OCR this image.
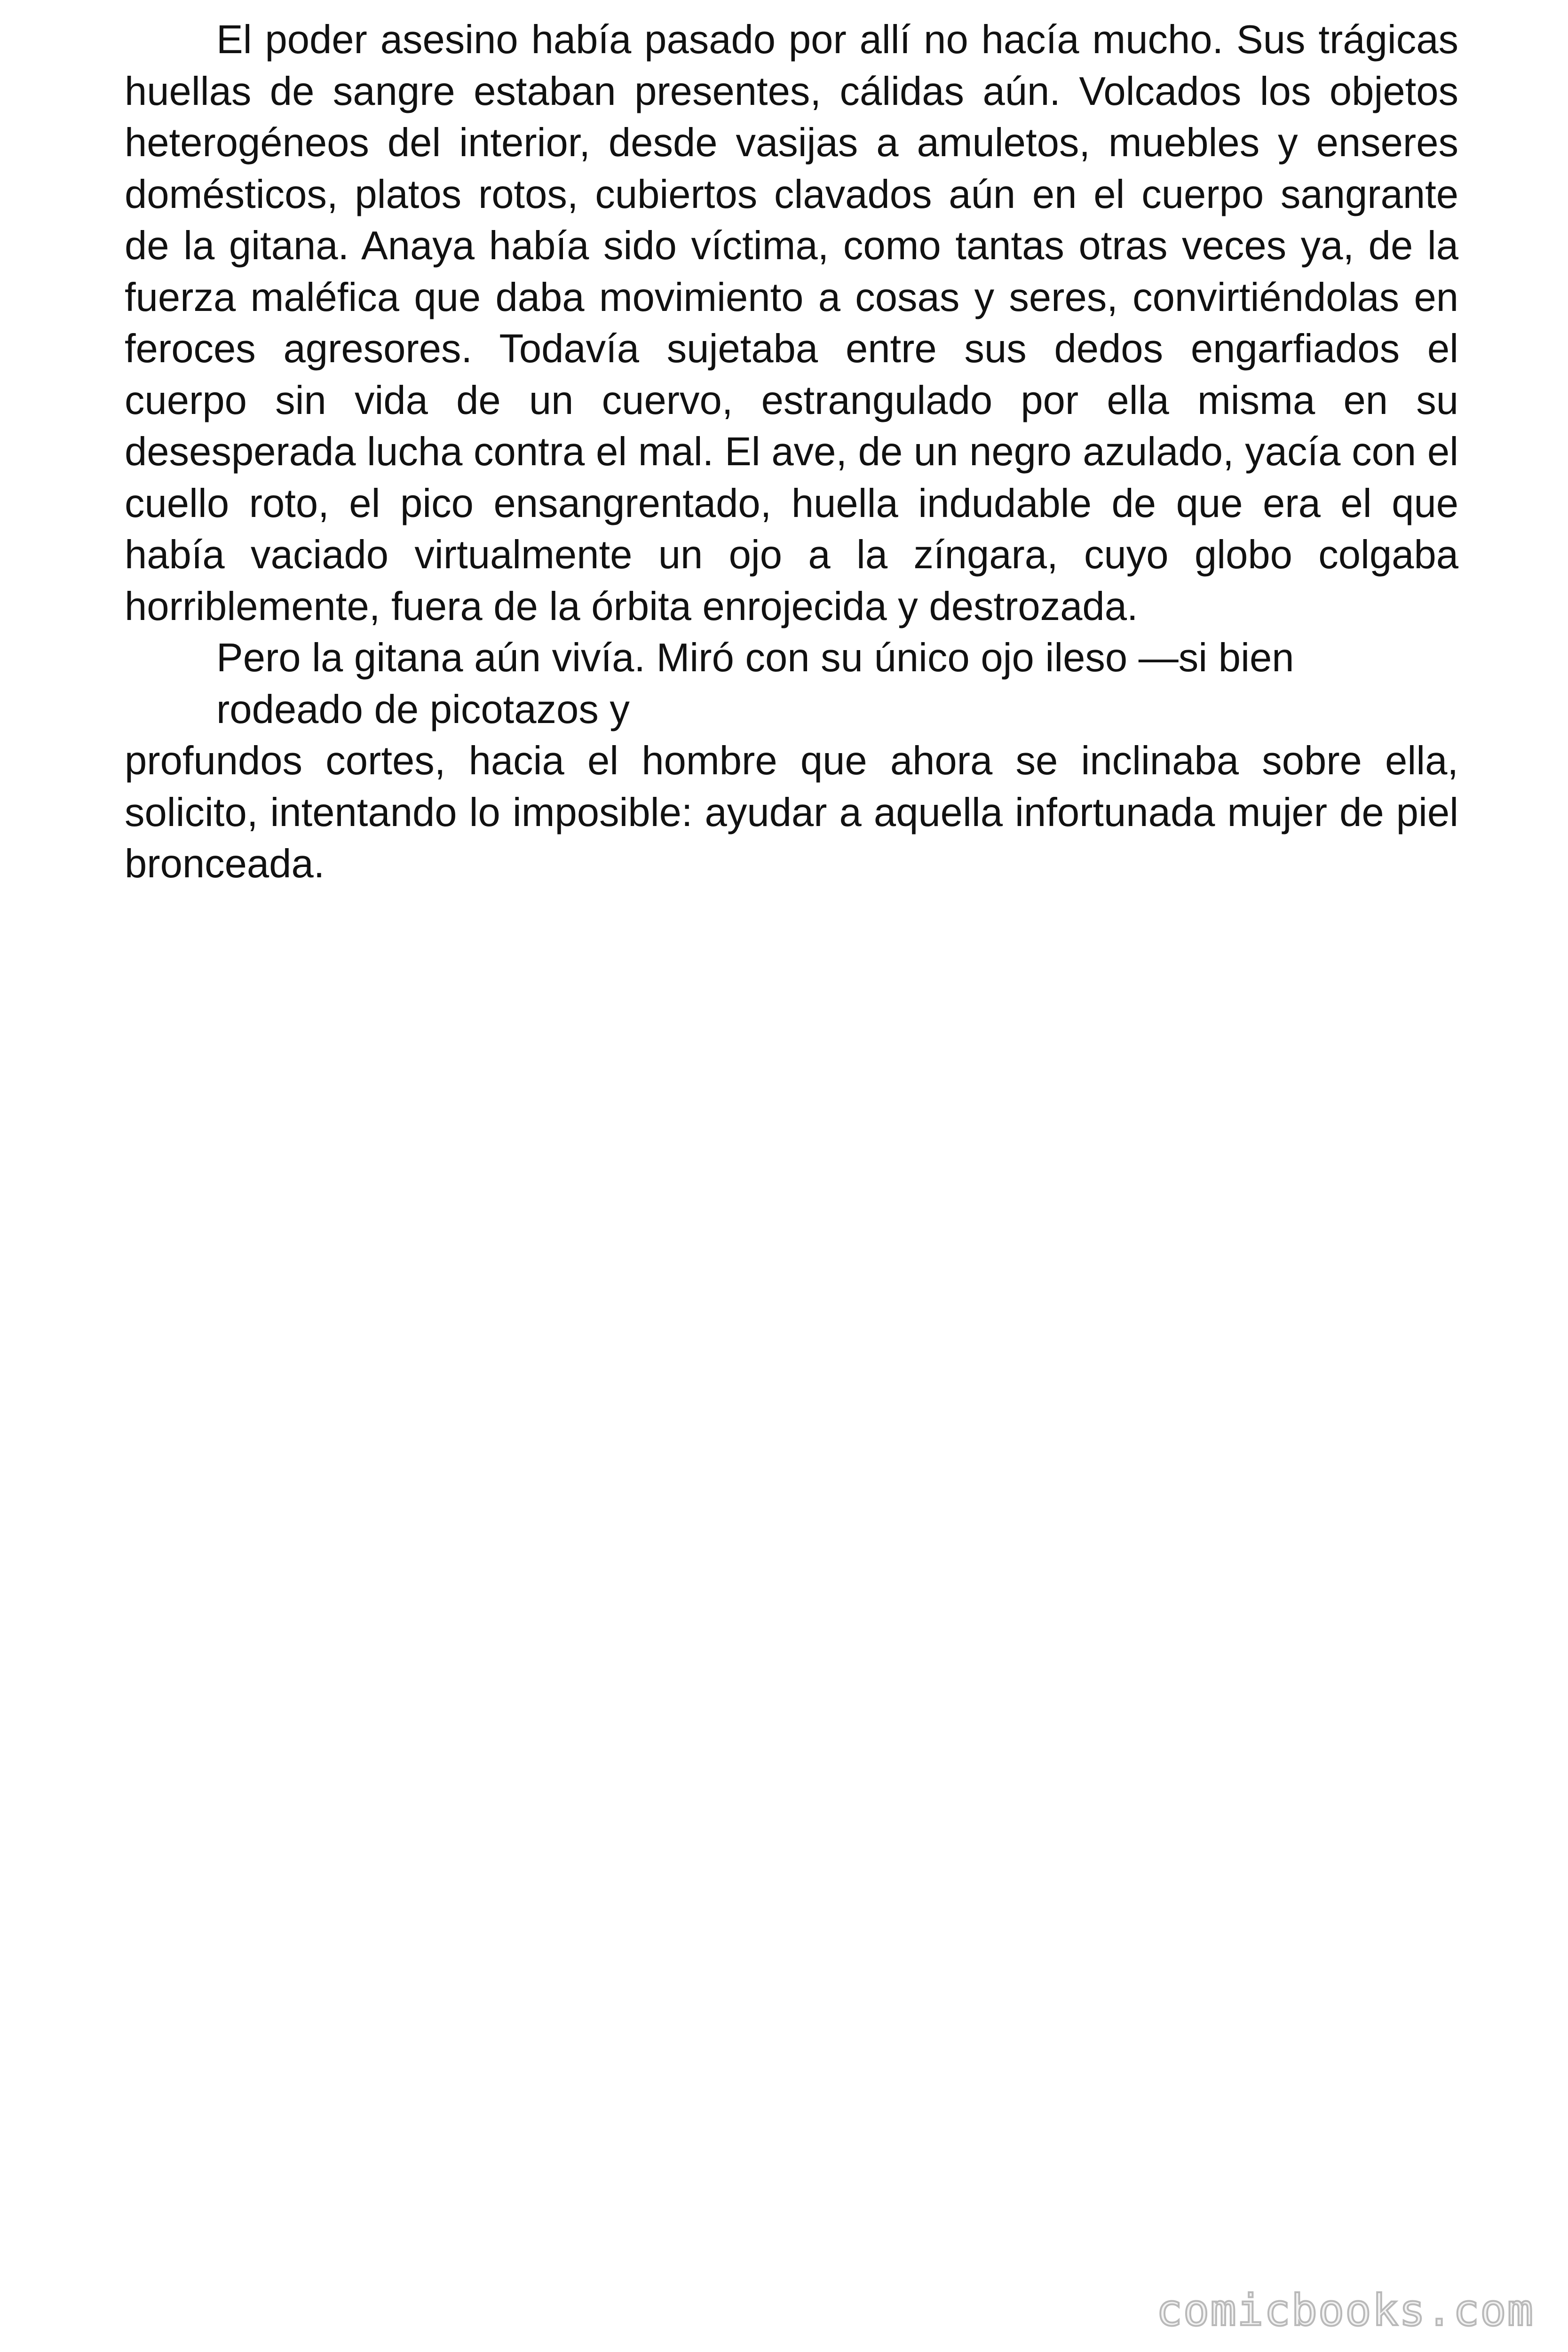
El poder asesino había pasado por allí no hacía mucho. Sus trágicas huellas de sangre estaban presentes, cálidas aún. Volcados los objetos heterogéneos del interior, desde vasijas a amuletos, muebles y enseres domésticos, platos rotos, cubiertos clavados aún en el cuerpo sangrante de la gitana. Anaya había sido víctima, como tantas otras veces ya, de la fuerza maléfica que daba movimiento a cosas y seres, convirtiéndolas en feroces agresores. Todavía sujetaba entre sus dedos engarfiados el cuerpo sin vida de un cuervo, estrangulado por ella misma en su desesperada lucha contra el mal. El ave, de un negro azulado, yacía con el cuello roto, el pico ensangrentado, huella indudable de que era el que había vaciado virtualmente un ojo a la zíngara, cuyo globo colgaba horriblemente, fuera de la órbita enrojecida y destrozada.

Pero la gitana aún vivía. Miró con su único ojo ileso —si bien

rodeado de picotazos y

profundos cortes, hacia el hombre que ahora se inclinaba sobre ella, solicito, intentando lo imposible: ayudar a aquella infortunada mujer de piel bronceada.

comicbooks.com
